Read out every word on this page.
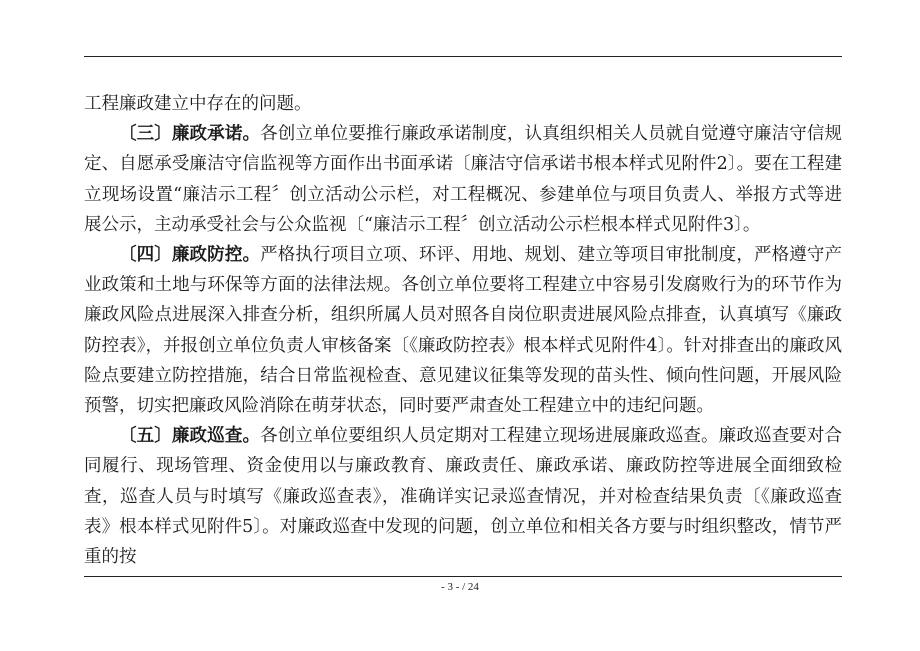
工程廉政建立中存在的问题。

〔三〕廉政承诺。各创立单位要推行廉政承诺制度，认真组织相关人员就自觉遵守廉洁守信规定、自愿承受廉洁守信监视等方面作出书面承诺〔廉洁守信承诺书根本样式见附件2〕。要在工程建立现场设置“廉洁示工程〞创立活动公示栏，对工程概况、参建单位与项目负责人、举报方式等进展公示，主动承受社会与公众监视〔“廉洁示工程〞创立活动公示栏根本样式见附件3〕。

〔四〕廉政防控。严格执行项目立项、环评、用地、规划、建立等项目审批制度，严格遵守产业政策和土地与环保等方面的法律法规。各创立单位要将工程建立中容易引发腐败行为的环节作为廉政风险点进展深入排查分析，组织所属人员对照各自岗位职责进展风险点排查，认真填写《廉政防控表》，并报创立单位负责人审核备案〔《廉政防控表》根本样式见附件4〕。针对排查出的廉政风险点要建立防控措施，结合日常监视检查、意见建议征集等发现的苗头性、倾向性问题，开展风险预警，切实把廉政风险消除在萌芽状态，同时要严肃查处工程建立中的违纪问题。

〔五〕廉政巡查。各创立单位要组织人员定期对工程建立现场进展廉政巡查。廉政巡查要对合同履行、现场管理、资金使用以与廉政教育、廉政责任、廉政承诺、廉政防控等进展全面细致检查，巡查人员与时填写《廉政巡查表》，准确详实记录巡查情况，并对检查结果负责〔《廉政巡查表》根本样式见附件5〕。对廉政巡查中发现的问题，创立单位和相关各方要与时组织整改，情节严重的按

- 3 - / 24
